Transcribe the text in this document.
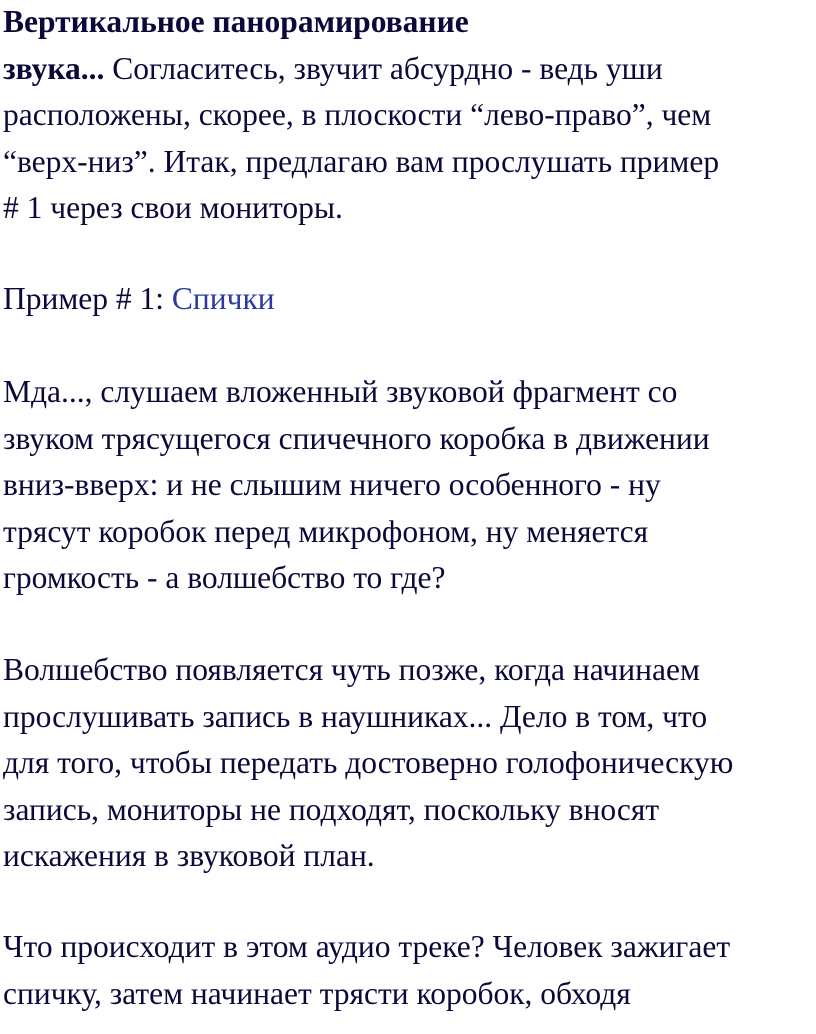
Вертикальное панорамирование
звука... Согласитесь, звучит абсурдно - ведь уши
расположены, скорее, в плоскости “лево-право”, чем
“верх-низ”. Итак, предлагаю вам прослушать пример
# 1 через свои мониторы.
Пример # 1: Спички
Мда..., слушаем вложенный звуковой фрагмент со
звуком трясущегося спичечного коробка в движении
вниз-вверх: и не слышим ничего особенного - ну
трясут коробок перед микрофоном, ну меняется
громкость - а волшебство то где?
Волшебство появляется чуть позже, когда начинаем
прослушивать запись в наушниках... Дело в том, что
для того, чтобы передать достоверно голофоническую
запись, мониторы не подходят, поскольку вносят
искажения в звуковой план.
Что происходит в этом аудио треке? Человек зажигает
спичку, затем начинает трясти коробок, обходя
